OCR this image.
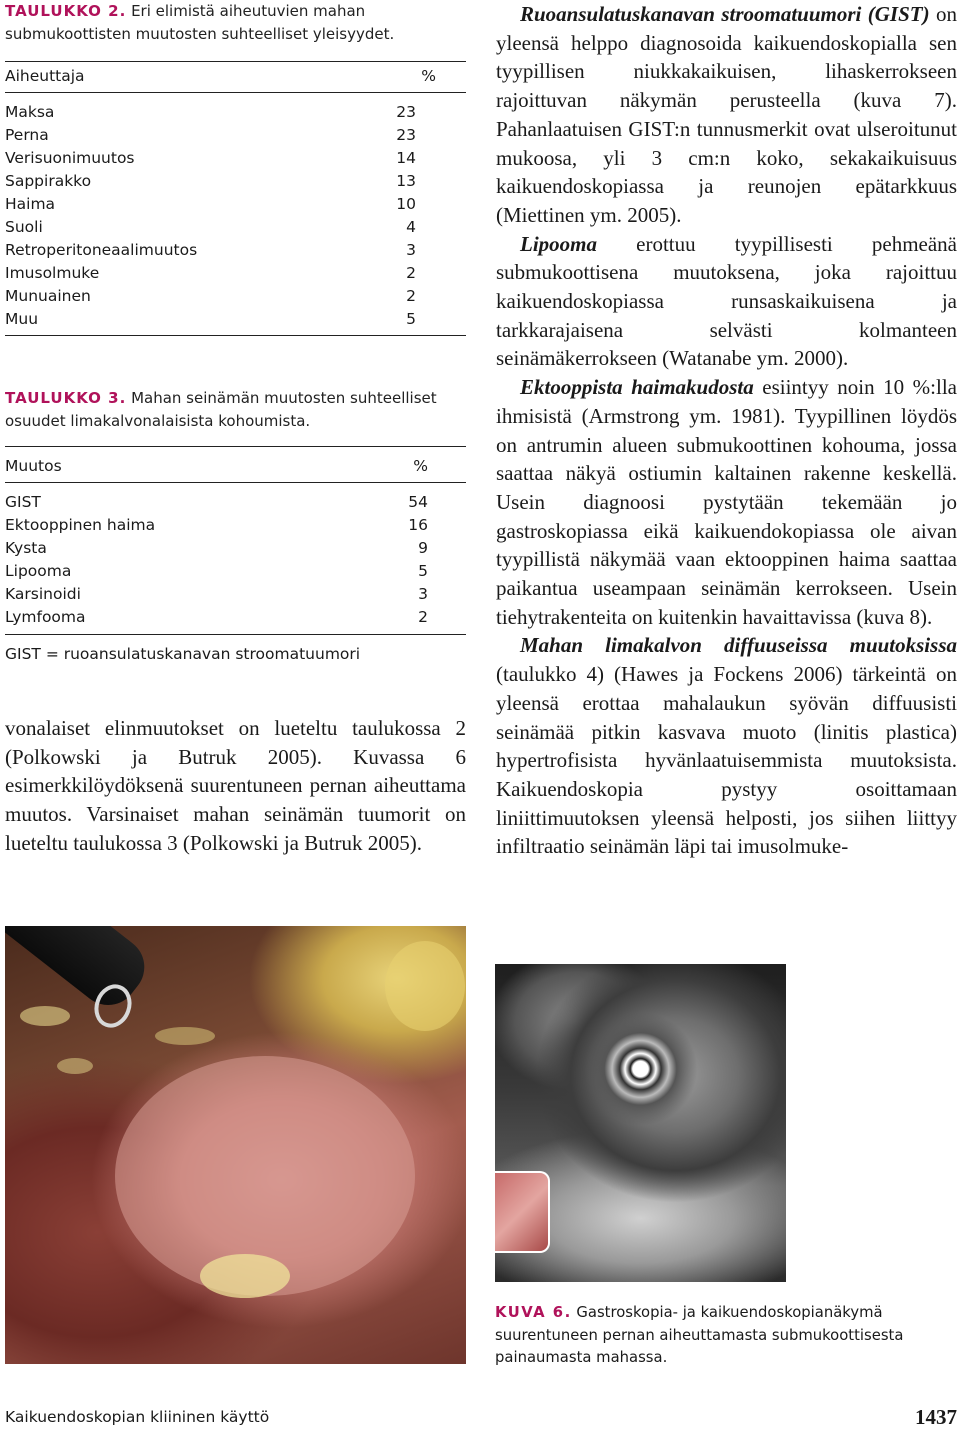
TAULUKKO 2. Eri elimistä aiheutuvien mahan submukoottisten muutosten suhteelliset yleisyydet.
Aiheuttaja	%
Maksa	23
Perna	23
Verisuonimuutos	14
Sappirakko	13
Haima	10
Suoli	4
Retroperitoneaalimuutos	3
Imusolmuke	2
Munuainen	2
Muu	5
TAULUKKO 3. Mahan seinämän muutosten suhteelliset osuudet limakalvonalaisista kohoumista.
Muutos	%
GIST	54
Ektooppinen haima	16
Kysta	9
Lipooma	5
Karsinoidi	3
Lymfooma	2
GIST = ruoansulatuskanavan stroomatuumori

vonalaiset elinmuutokset on lueteltu taulukossa 2 (Polkowski ja Butruk 2005). Kuvassa 6 esimerkkilöydöksenä suurentuneen pernan aiheuttama muutos. Varsinaiset mahan seinämän tuumorit on lueteltu taulukossa 3 (Polkowski ja Butruk 2005).

Ruoansulatuskanavan stroomatuumori (GIST) on yleensä helppo diagnosoida kaikuendoskopialla sen tyypillisen niukkakaikuisen, lihaskerrokseen rajoittuvan näkymän perusteella (kuva 7). Pahanlaatuisen GIST:n tunnusmerkit ovat ulseroitunut mukoosa, yli 3 cm:n koko, sekakaikuisuus kaikuendoskopiassa ja reunojen epätarkkuus (Miettinen ym. 2005).

Lipooma erottuu tyypillisesti pehmeänä submukoottisena muutoksena, joka rajoittuu kaikuendoskopiassa runsaskaikuisena ja tarkkarajaisena selvästi kolmanteen seinämäkerrokseen (Watanabe ym. 2000).

Ektooppista haimakudosta esiintyy noin 10 %:lla ihmisistä (Armstrong ym. 1981). Tyypillinen löydös on antrumin alueen submukoottinen kohouma, jossa saattaa näkyä ostiumin kaltainen rakenne keskellä. Usein diagnoosi pystytään tekemään jo gastroskopiassa eikä kaikuendokopiassa ole aivan tyypillistä näkymää vaan ektooppinen haima saattaa paikantua useampaan seinämän kerrokseen. Usein tiehytrakenteita on kuitenkin havaittavissa (kuva 8).

Mahan limakalvon diffuuseissa muutoksissa (taulukko 4) (Hawes ja Fockens 2006) tärkeintä on yleensä erottaa mahalaukun syövän diffuusisti seinämää pitkin kasvava muoto (linitis plastica) hypertrofisista hyvänlaatuisemmista muutoksista. Kaikuendoskopia pystyy osoittamaan liniittimuutoksen yleensä helposti, jos siihen liittyy infiltraatio seinämän läpi tai imusolmuke-

KUVA 6. Gastroskopia- ja kaikuendoskopianäkymä suurentuneen pernan aiheuttamasta submukoottisesta painaumasta mahassa.
Kaikuendoskopian kliininen käyttö	1437
